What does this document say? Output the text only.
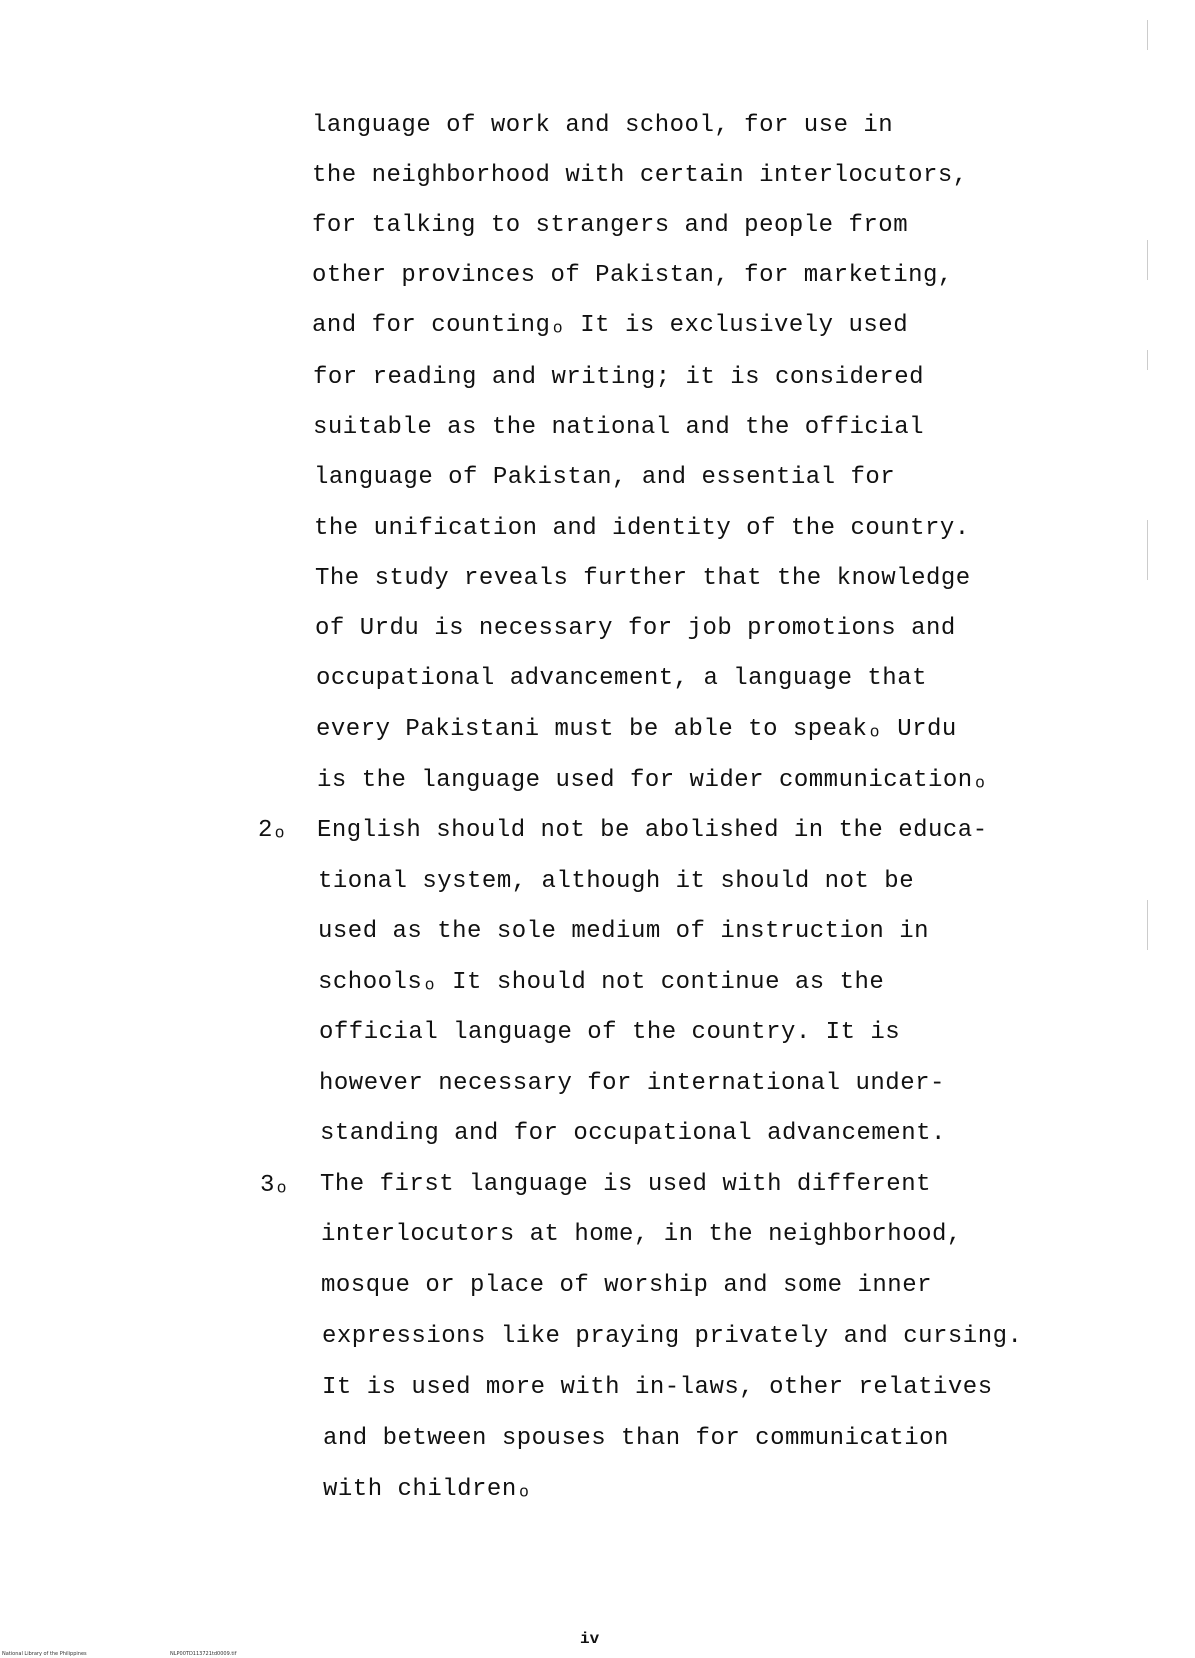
language of work and school, for use in
the neighborhood with certain interlocutors,
for talking to strangers and people from
other provinces of Pakistan, for marketing,
and for countingₒ It is exclusively used
for reading and writing; it is considered
suitable as the national and the official
language of Pakistan, and essential for
the unification and identity of the country.
The study reveals further that the knowledge
of Urdu is necessary for job promotions and
occupational advancement, a language that
every Pakistani must be able to speakₒ Urdu
is the language used for wider communicationₒ
2ₒ English should not be abolished in the educa-
tional system, although it should not be
used as the sole medium of instruction in
schoolsₒ It should not continue as the
official language of the country. It is
however necessary for international under-
standing and for occupational advancement.
3ₒ The first language is used with different
interlocutors at home, in the neighborhood,
mosque or place of worship and some inner
expressions like praying privately and cursing.
It is used more with in-laws, other relatives
and between spouses than for communication
with childrenₒ
iv
National Library of the Philippines	NLP00TD113721td0009.tif
